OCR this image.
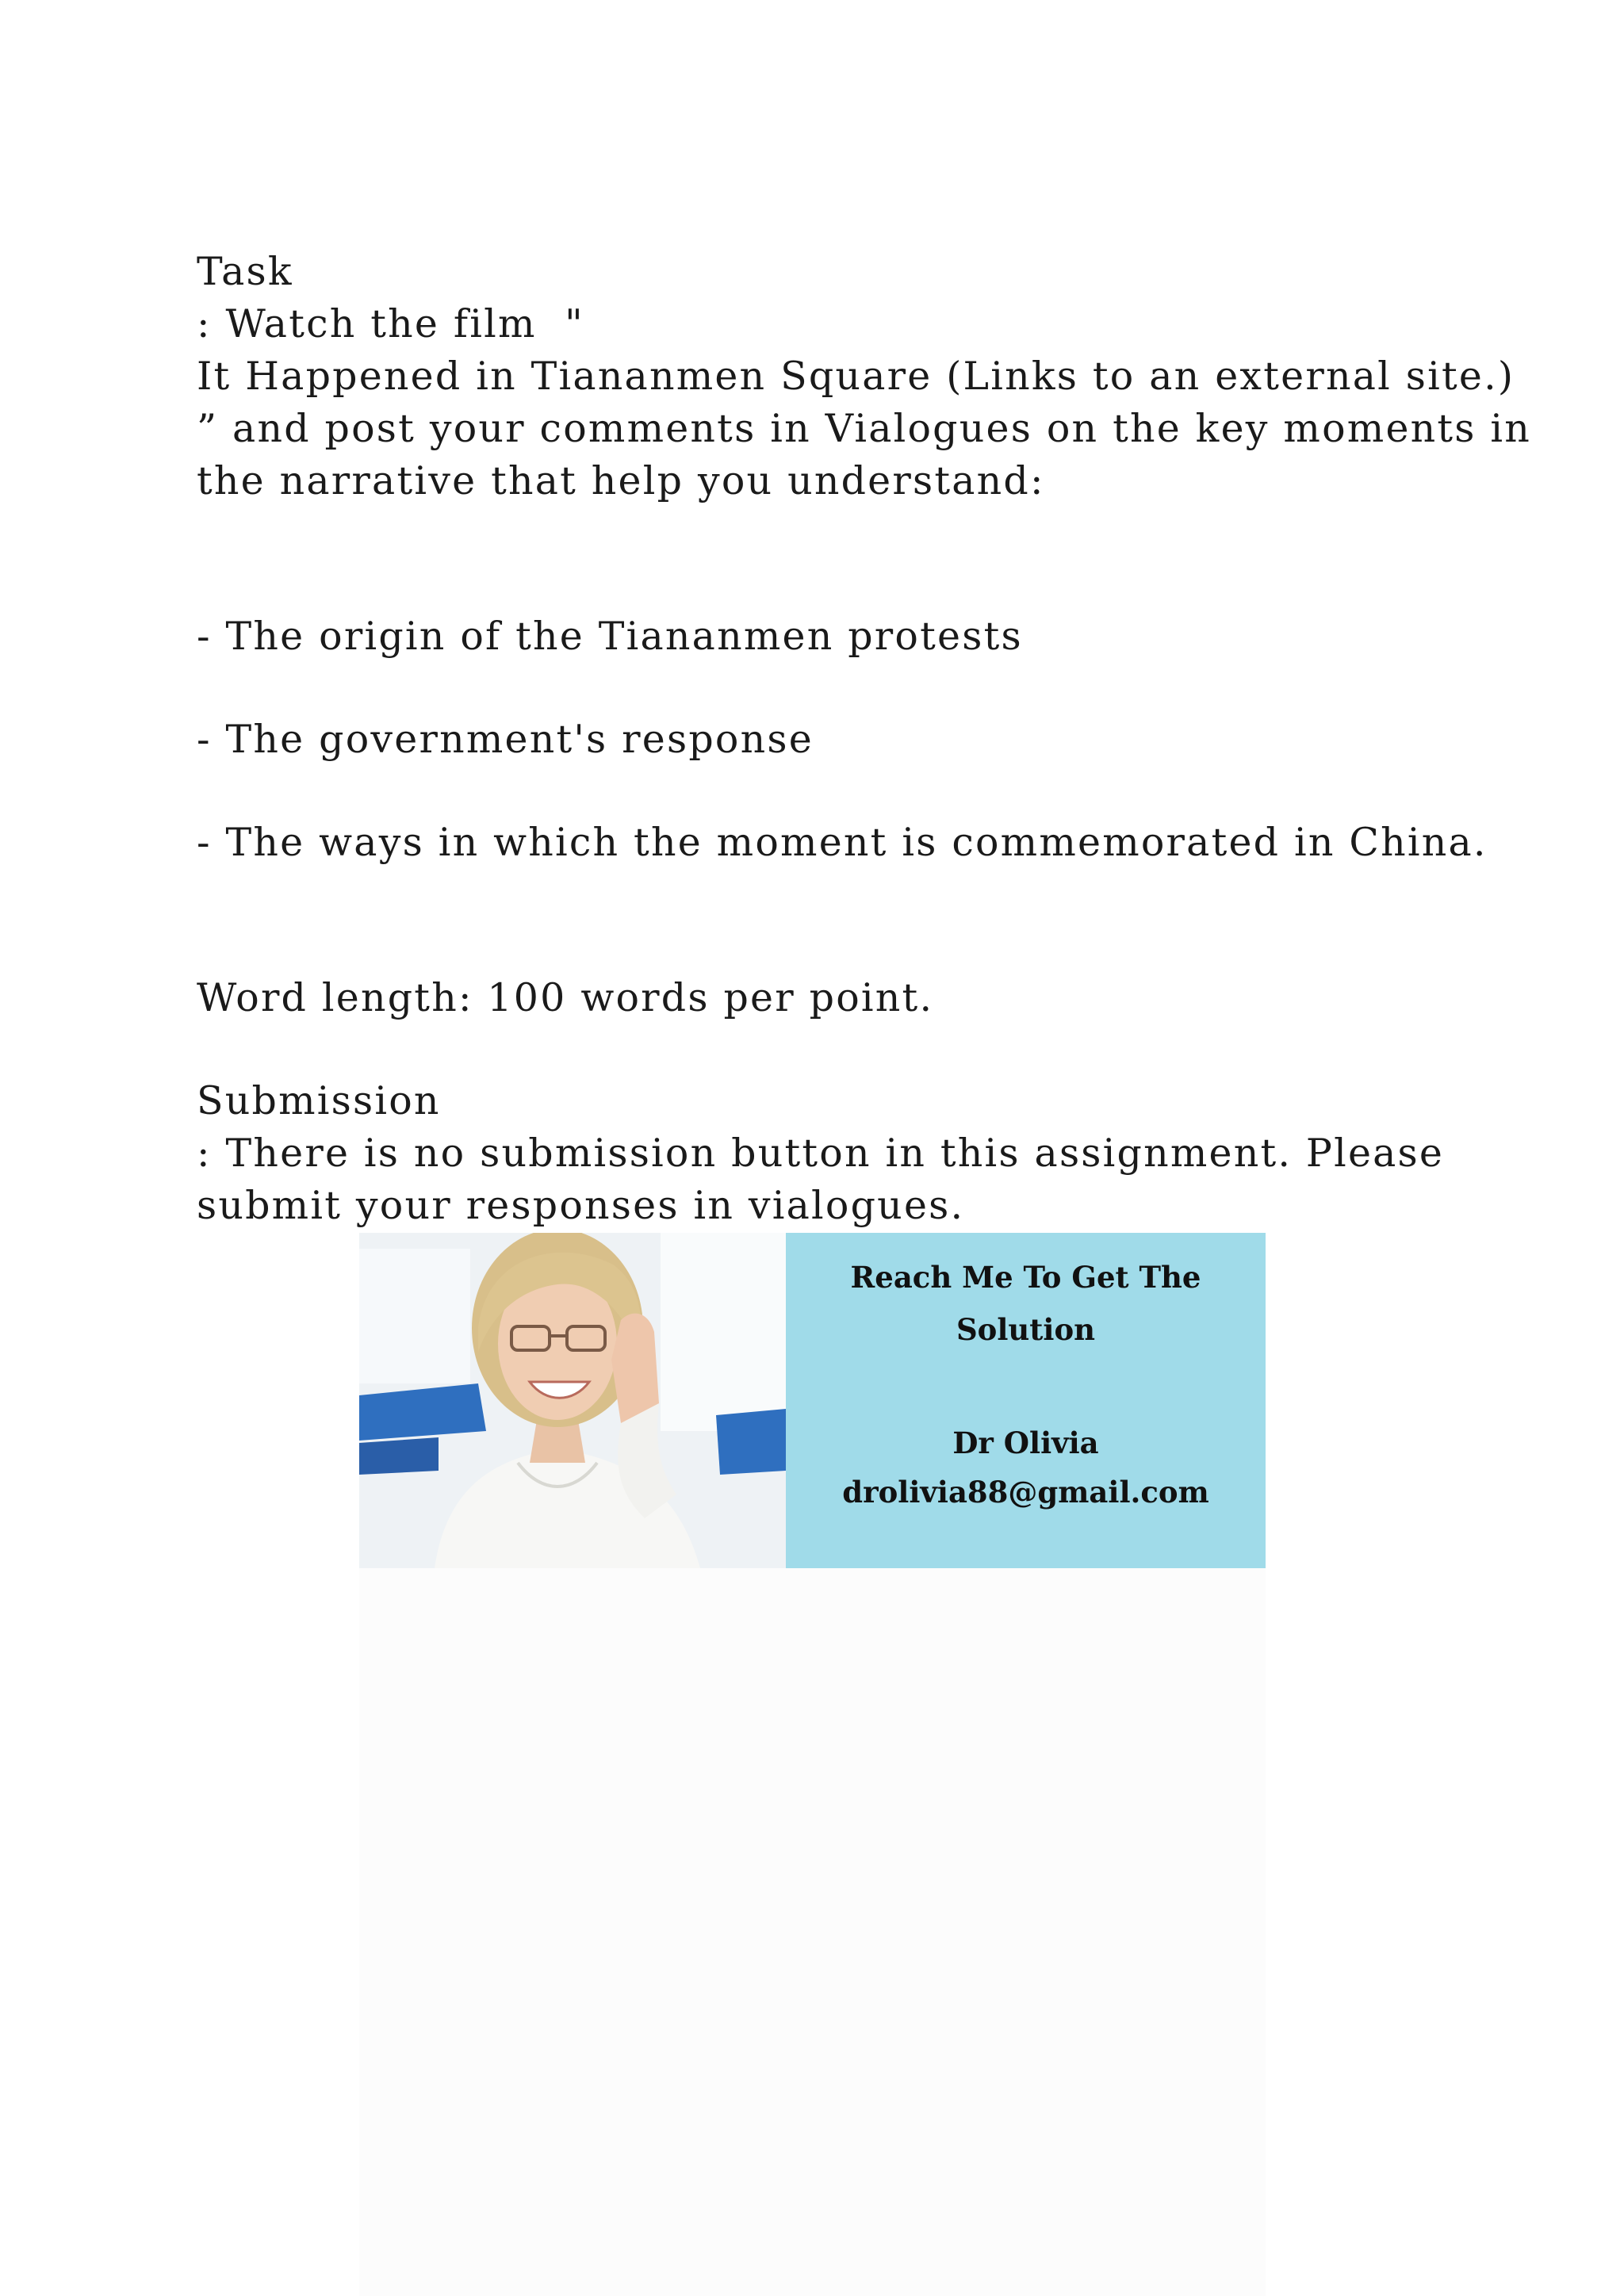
Task
: Watch the film  "
It Happened in Tiananmen Square (Links to an external site.)
” and post your comments in Vialogues on the key moments in
the narrative that help you understand:
- The origin of the Tiananmen protests
- The government's response
- The ways in which the moment is commemorated in China.
Word length: 100 words per point.
Submission
: There is no submission button in this assignment. Please
submit your responses in vialogues.
Reach Me To Get The
Solution
Dr Olivia
drolivia88@gmail.com
